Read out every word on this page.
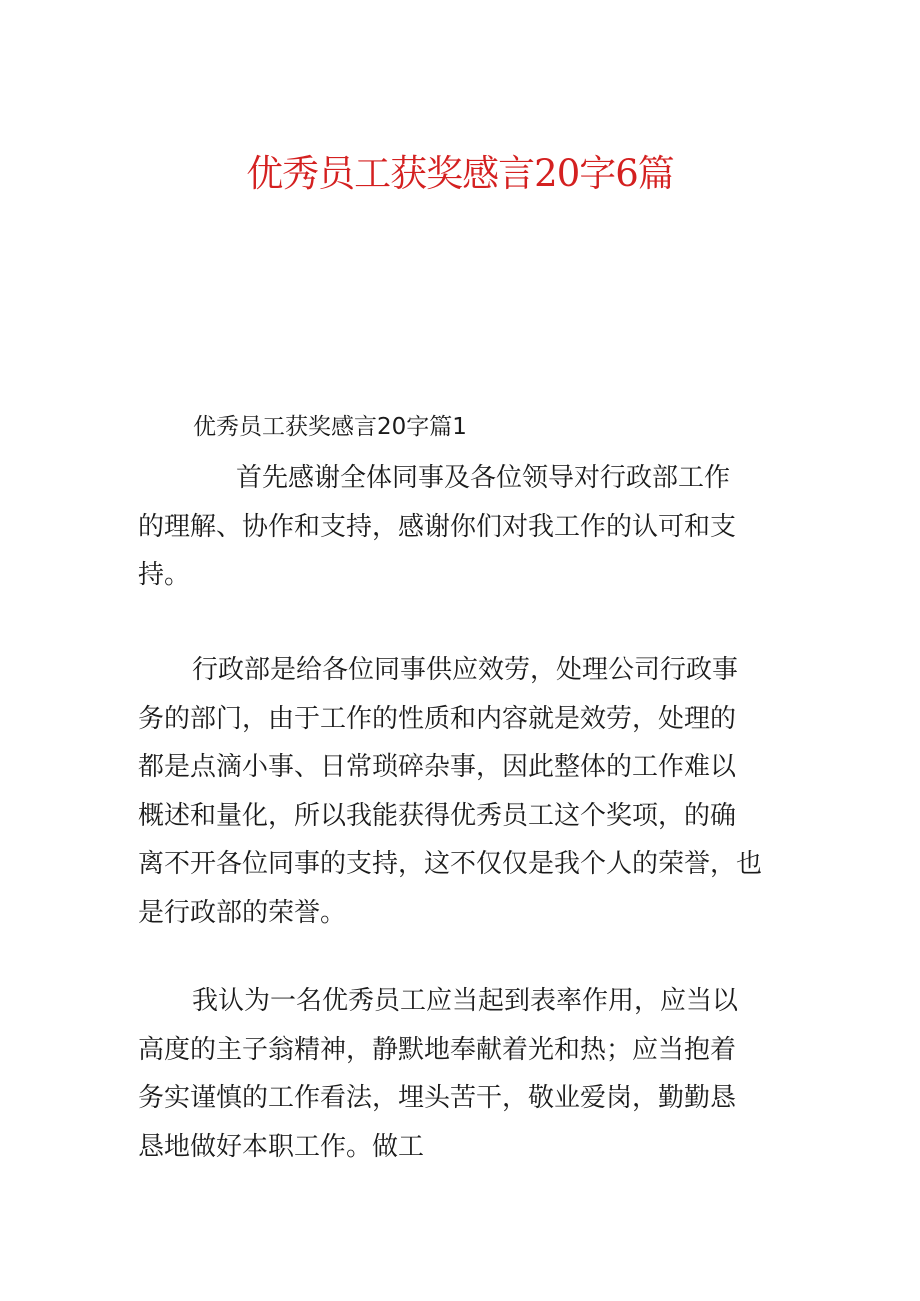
优秀员工获奖感言20字6篇
优秀员工获奖感言20字篇1
首先感谢全体同事及各位领导对行政部工作
的理解、协作和支持，感谢你们对我工作的认可和支
持。
行政部是给各位同事供应效劳，处理公司行政事
务的部门，由于工作的性质和内容就是效劳，处理的
都是点滴小事、日常琐碎杂事，因此整体的工作难以
概述和量化，所以我能获得优秀员工这个奖项，的确
离不开各位同事的支持，这不仅仅是我个人的荣誉，也
是行政部的荣誉。
我认为一名优秀员工应当起到表率作用，应当以
高度的主子翁精神，静默地奉献着光和热；应当抱着
务实谨慎的工作看法，埋头苦干，敬业爱岗，勤勤恳
恳地做好本职工作。做工
